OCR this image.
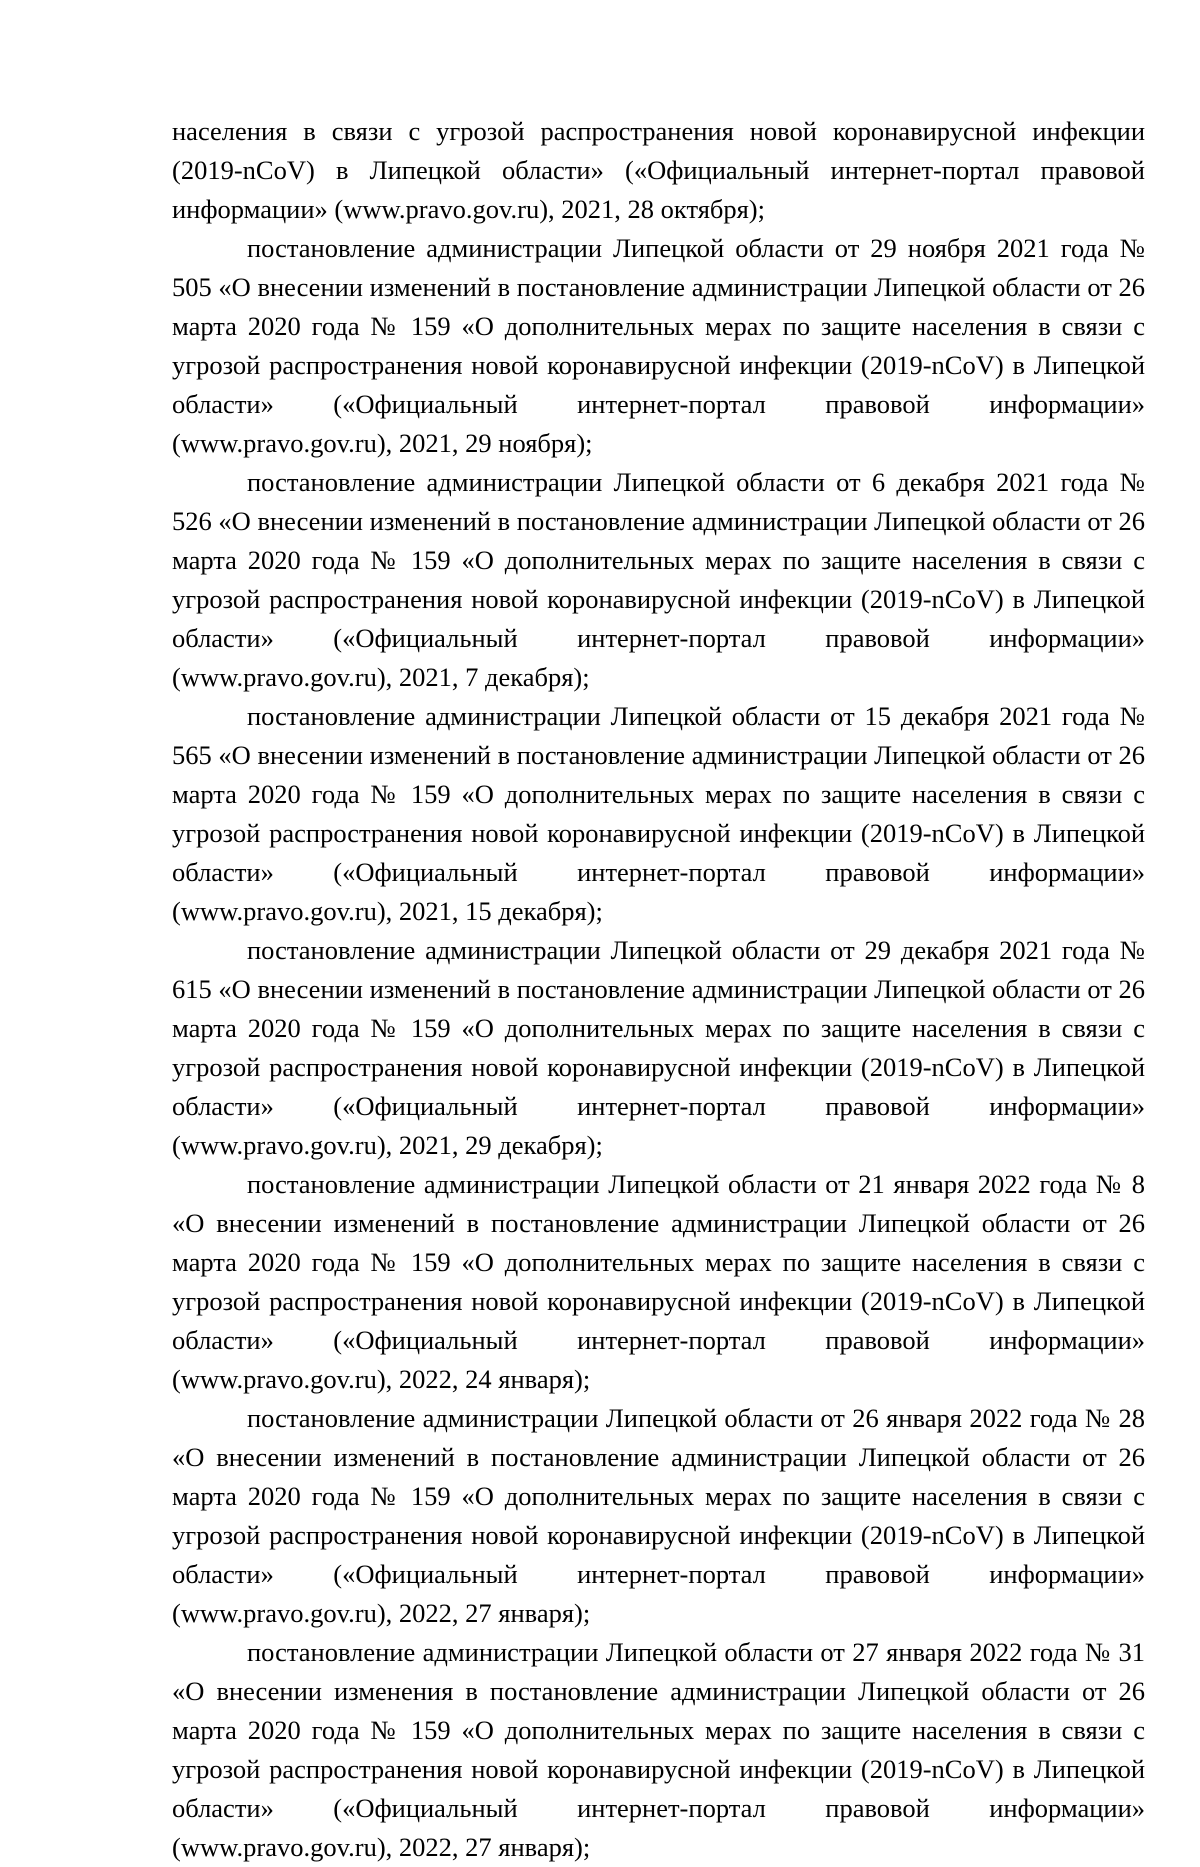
населения в связи с угрозой распространения новой коронавирусной инфекции (2019-nCoV) в Липецкой области» («Официальный интернет-портал правовой информации» (www.pravo.gov.ru), 2021, 28 октября);

постановление администрации Липецкой области от 29 ноября 2021 года № 505 «О внесении изменений в постановление администрации Липецкой области от 26 марта 2020 года № 159 «О дополнительных мерах по защите населения в связи с угрозой распространения новой коронавирусной инфекции (2019-nCoV) в Липецкой области» («Официальный интернет-портал правовой информации» (www.pravo.gov.ru), 2021, 29 ноября);

постановление администрации Липецкой области от 6 декабря 2021 года № 526 «О внесении изменений в постановление администрации Липецкой области от 26 марта 2020 года № 159 «О дополнительных мерах по защите населения в связи с угрозой распространения новой коронавирусной инфекции (2019-nCoV) в Липецкой области» («Официальный интернет-портал правовой информации» (www.pravo.gov.ru), 2021, 7 декабря);

постановление администрации Липецкой области от 15 декабря 2021 года № 565 «О внесении изменений в постановление администрации Липецкой области от 26 марта 2020 года № 159 «О дополнительных мерах по защите населения в связи с угрозой распространения новой коронавирусной инфекции (2019-nCoV) в Липецкой области» («Официальный интернет-портал правовой информации» (www.pravo.gov.ru), 2021, 15 декабря);

постановление администрации Липецкой области от 29 декабря 2021 года № 615 «О внесении изменений в постановление администрации Липецкой области от 26 марта 2020 года № 159 «О дополнительных мерах по защите населения в связи с угрозой распространения новой коронавирусной инфекции (2019-nCoV) в Липецкой области» («Официальный интернет-портал правовой информации» (www.pravo.gov.ru), 2021, 29 декабря);

постановление администрации Липецкой области от 21 января 2022 года № 8 «О внесении изменений в постановление администрации Липецкой области от 26 марта 2020 года № 159 «О дополнительных мерах по защите населения в связи с угрозой распространения новой коронавирусной инфекции (2019-nCoV) в Липецкой области» («Официальный интернет-портал правовой информации» (www.pravo.gov.ru), 2022, 24 января);

постановление администрации Липецкой области от 26 января 2022 года № 28 «О внесении изменений в постановление администрации Липецкой области от 26 марта 2020 года № 159 «О дополнительных мерах по защите населения в связи с угрозой распространения новой коронавирусной инфекции (2019-nCoV) в Липецкой области» («Официальный интернет-портал правовой информации» (www.pravo.gov.ru), 2022, 27 января);

постановление администрации Липецкой области от 27 января 2022 года № 31 «О внесении изменения в постановление администрации Липецкой области от 26 марта 2020 года № 159 «О дополнительных мерах по защите населения в связи с угрозой распространения новой коронавирусной инфекции (2019-nCoV) в Липецкой области» («Официальный интернет-портал правовой информации» (www.pravo.gov.ru), 2022, 27 января);
